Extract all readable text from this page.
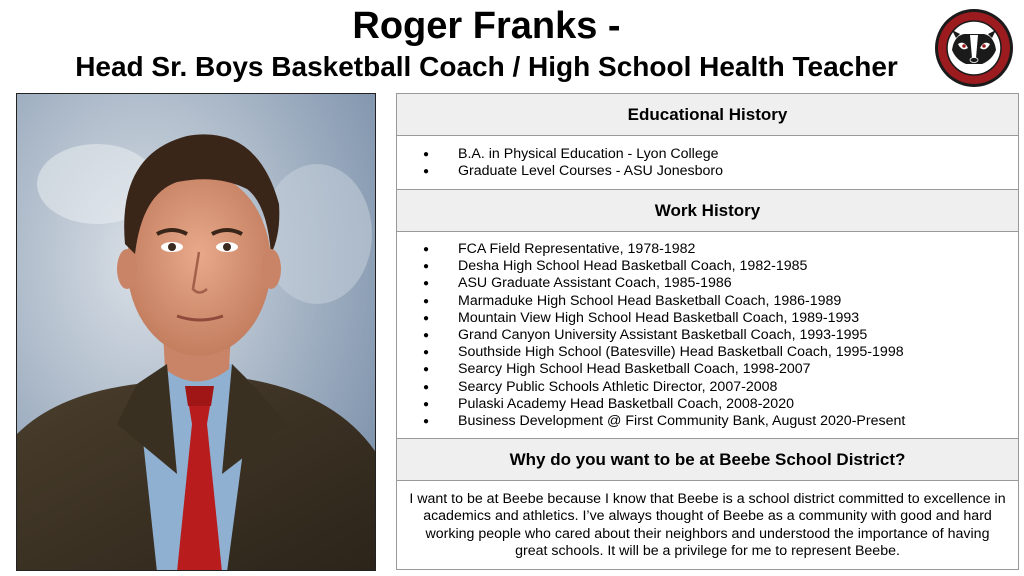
Roger Franks -
Head Sr. Boys Basketball Coach / High School Health Teacher
Educational History
● B.A. in Physical Education - Lyon College
● Graduate Level Courses - ASU Jonesboro
Work History
● FCA Field Representative, 1978-1982
● Desha High School Head Basketball Coach, 1982-1985
● ASU Graduate Assistant Coach, 1985-1986
● Marmaduke High School Head Basketball Coach, 1986-1989
● Mountain View High School Head Basketball Coach, 1989-1993
● Grand Canyon University Assistant Basketball Coach, 1993-1995
● Southside High School (Batesville) Head Basketball Coach, 1995-1998
● Searcy High School Head Basketball Coach, 1998-2007
● Searcy Public Schools Athletic Director, 2007-2008
● Pulaski Academy Head Basketball Coach, 2008-2020
● Business Development @ First Community Bank, August 2020-Present
Why do you want to be at Beebe School District?

I want to be at Beebe because I know that Beebe is a school district committed to excellence in academics and athletics. I’ve always thought of Beebe as a community with good and hard working people who cared about their neighbors and understood the importance of having great schools. It will be a privilege for me to represent Beebe.
